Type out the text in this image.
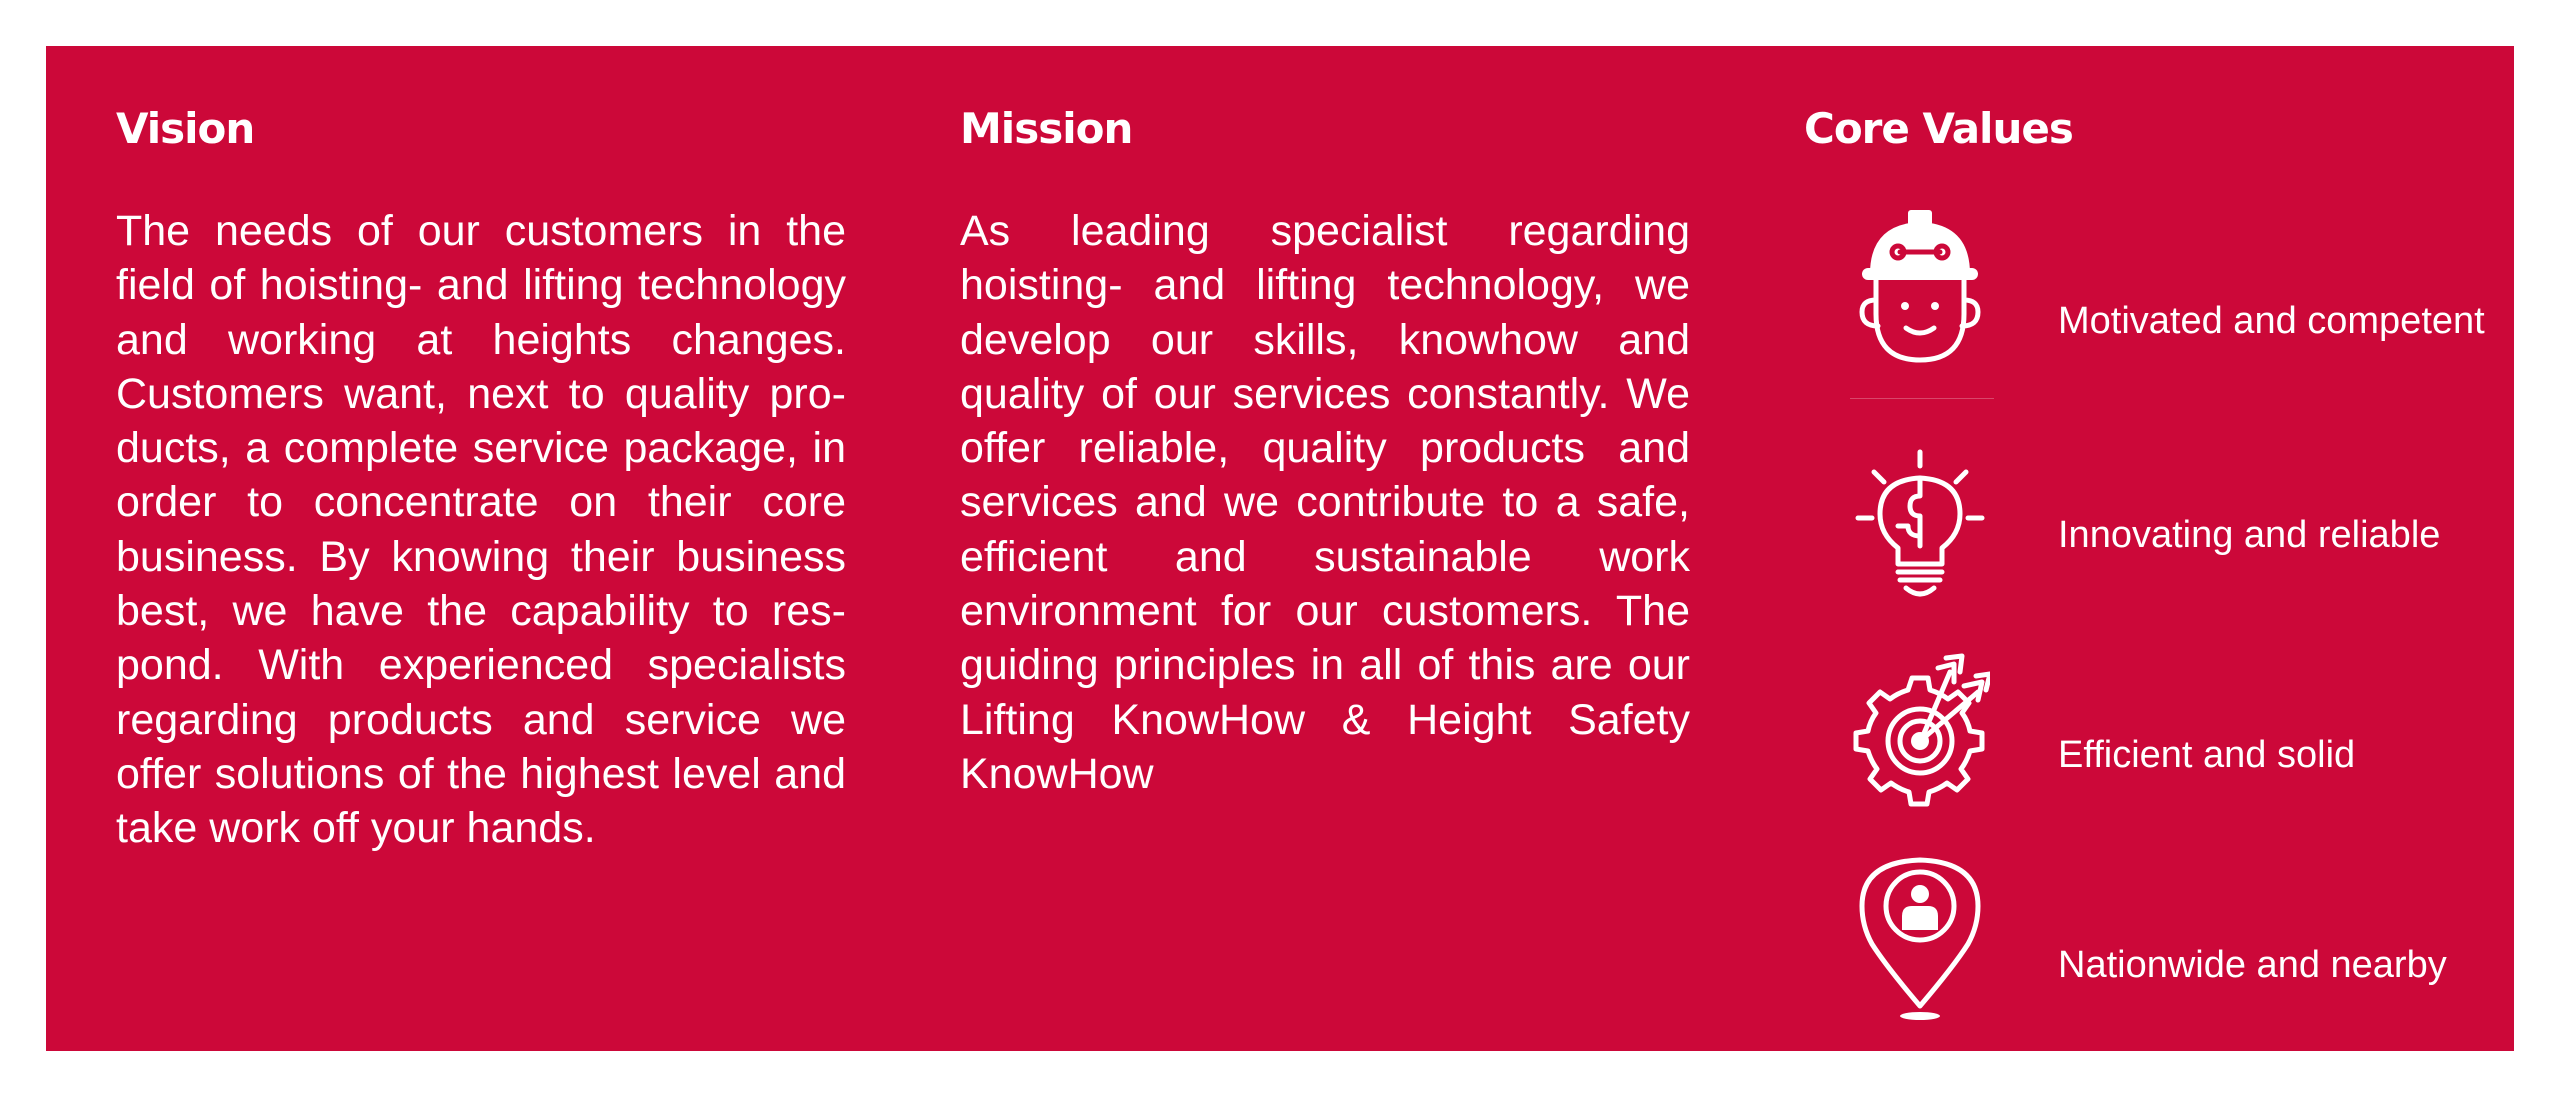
Vision

The needs of our customers in the field of hoisting- and lifting technology and working at heights changes. Customers want, next to quality products, a complete service package, in order to concentrate on their core business. By knowing their business best, we have the capability to respond. With experienced specialists regarding products and service we offer solutions of the highest level and take work off your hands.

Mission

As leading specialist regarding hoisting- and lifting technology, we develop our skills, knowhow and quality of our services constantly. We offer reliable, quality products and services and we contribute to a safe, efficient and sustainable work environment for our customers. The guiding principles in all of this are our Lifting KnowHow & Height Safety KnowHow

Core Values
Motivated and competent
Innovating and reliable
Efficient and solid
Nationwide and nearby
